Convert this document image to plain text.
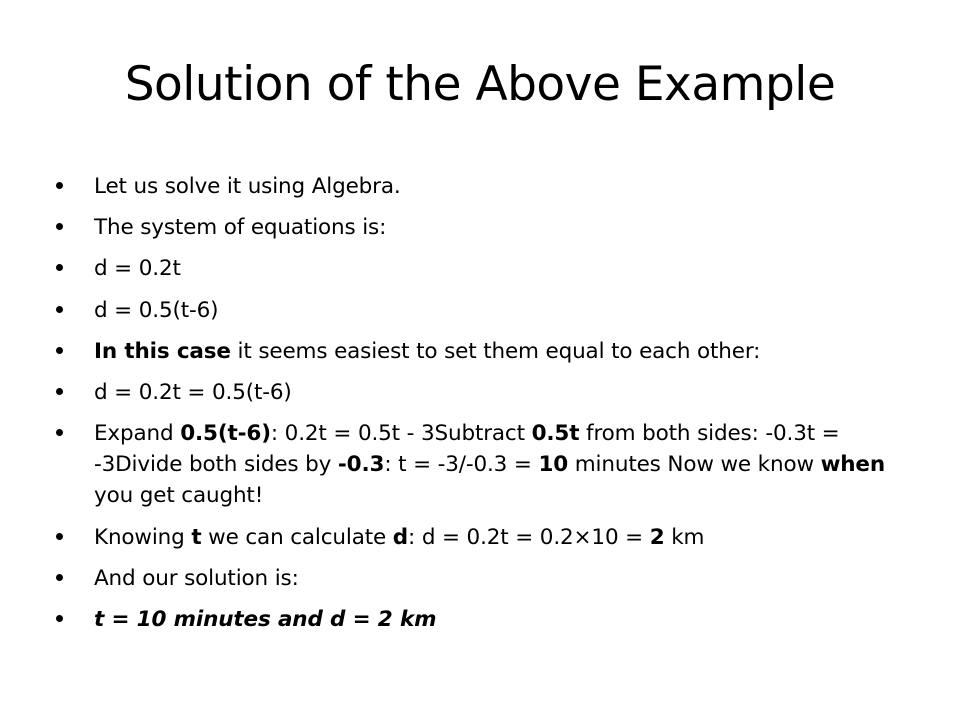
Solution of the Above Example
Let us solve it using Algebra.
The system of equations is:
d = 0.2t
d = 0.5(t-6)
In this case it seems easiest to set them equal to each other:
d = 0.2t = 0.5(t-6)
Expand 0.5(t-6): 0.2t = 0.5t - 3Subtract 0.5t from both sides: -0.3t = -3Divide both sides by -0.3: t = -3/-0.3 = 10 minutes Now we know when you get caught!
Knowing t we can calculate d: d = 0.2t = 0.2×10 = 2 km
And our solution is:
t = 10 minutes and d = 2 km
